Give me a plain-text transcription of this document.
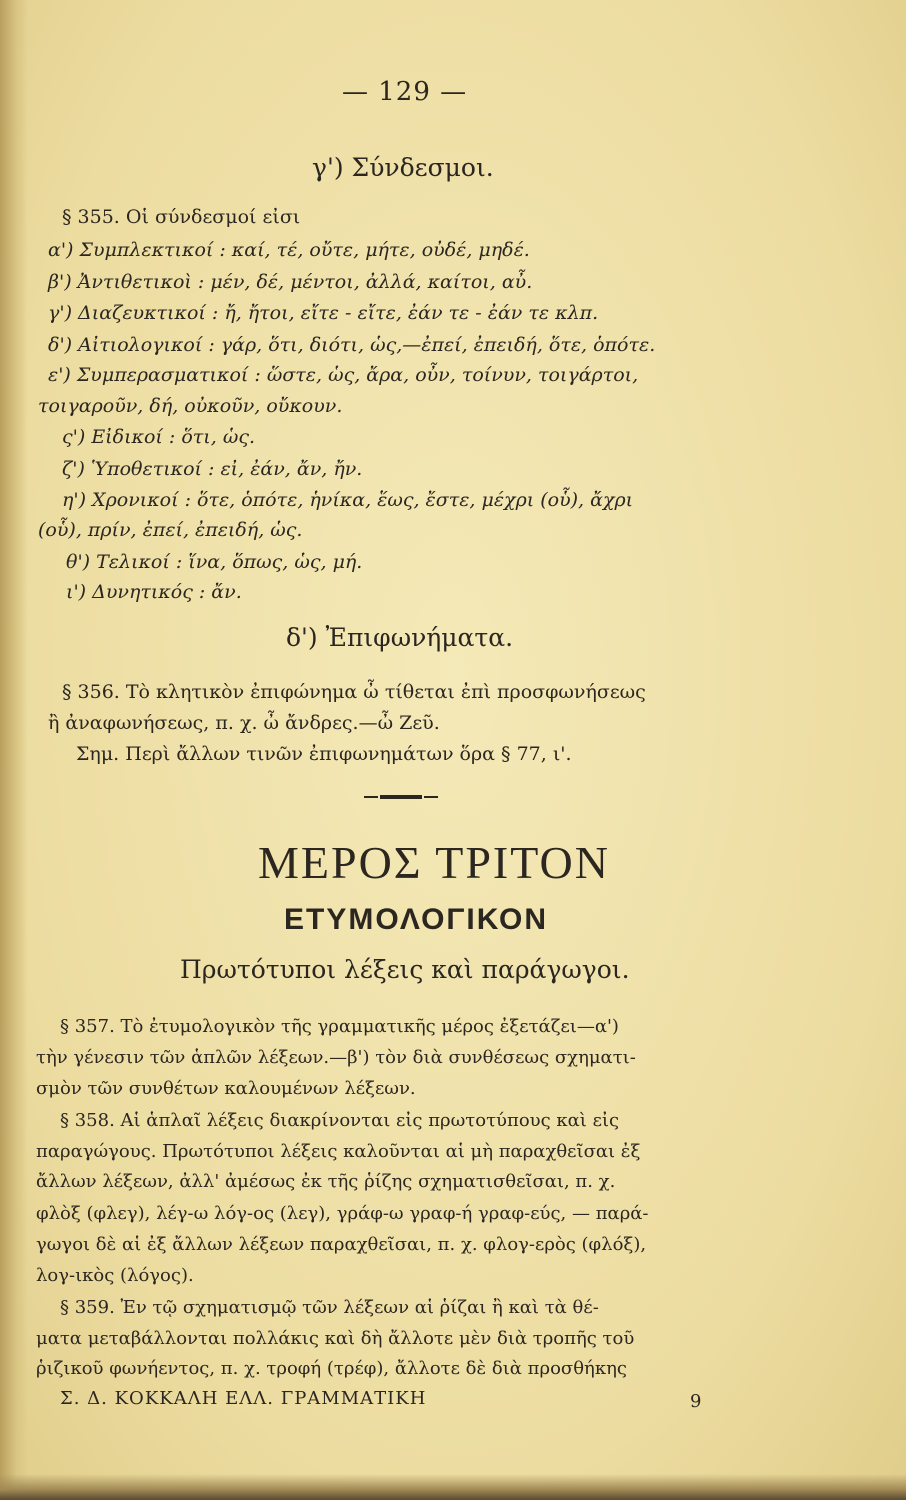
— 129 —
γ') Σύνδεσμοι.
§ 355. Οἱ σύνδεσμοί εἰσι
α') Συμπλεκτικοί : καί, τέ, οὔτε, μήτε, οὐδέ, μηδέ.
β') Ἀντιθετικοὶ : μέν, δέ, μέντοι, ἀλλά, καίτοι, αὖ.
γ') Διαζευκτικοί : ἤ, ἤτοι, εἴτε - εἴτε, ἐάν τε - ἐάν τε κλπ.
δ') Αἰτιολογικοί : γάρ, ὅτι, διότι, ὡς,—ἐπεί, ἐπειδή, ὅτε, ὁπότε.
ε') Συμπερασματικοί : ὥστε, ὡς, ἄρα, οὖν, τοίνυν, τοιγάρτοι,
τοιγαροῦν, δή, οὐκοῦν, οὔκουν.
ς') Εἰδικοί : ὅτι, ὡς.
ζ') Ὑποθετικοί : εἰ, ἐάν, ἄν, ἤν.
η') Χρονικοί : ὅτε, ὁπότε, ἡνίκα, ἕως, ἔστε, μέχρι (οὗ), ἄχρι
(οὗ), πρίν, ἐπεί, ἐπειδή, ὡς.
θ') Τελικοί : ἵνα, ὅπως, ὡς, μή.
ι') Δυνητικός : ἄν.
δ') Ἐπιφωνήματα.
§ 356. Τὸ κλητικὸν ἐπιφώνημα ὦ τίθεται ἐπὶ προσφωνήσεως
ἢ ἀναφωνήσεως, π. χ. ὦ ἄνδρες.—ὦ Ζεῦ.
Σημ. Περὶ ἄλλων τινῶν ἐπιφωνημάτων ὅρα § 77, ι'.
ΜΕΡΟΣ ΤΡΙΤΟΝ
ΕΤΥΜΟΛΟΓΙΚΟΝ
Πρωτότυποι λέξεις καὶ παράγωγοι.
§ 357. Τὸ ἐτυμολογικὸν τῆς γραμματικῆς μέρος ἐξετάζει—α')
τὴν γένεσιν τῶν ἁπλῶν λέξεων.—β') τὸν διὰ συνθέσεως σχηματι-
σμὸν τῶν συνθέτων καλουμένων λέξεων.
§ 358. Αἱ ἁπλαῖ λέξεις διακρίνονται εἰς πρωτοτύπους καὶ εἰς
παραγώγους. Πρωτότυποι λέξεις καλοῦνται αἱ μὴ παραχθεῖσαι ἐξ
ἄλλων λέξεων, ἀλλ' ἀμέσως ἐκ τῆς ῥίζης σχηματισθεῖσαι, π. χ.
φλὸξ (φλεγ), λέγ-ω λόγ-ος (λεγ), γράφ-ω γραφ-ή γραφ-εύς, — παρά-
γωγοι δὲ αἱ ἐξ ἄλλων λέξεων παραχθεῖσαι, π. χ. φλογ-ερὸς (φλόξ),
λογ-ικὸς (λόγος).
§ 359. Ἐν τῷ σχηματισμῷ τῶν λέξεων αἱ ῥίζαι ἢ καὶ τὰ θέ-
ματα μεταβάλλονται πολλάκις καὶ δὴ ἄλλοτε μὲν διὰ τροπῆς τοῦ
ῥιζικοῦ φωνήεντος, π. χ. τροφή (τρέφ), ἄλλοτε δὲ διὰ προσθήκης
Σ. Δ. ΚΟΚΚΑΛΗ ΕΛΛ. ΓΡΑΜΜΑΤΙΚΗ	9
